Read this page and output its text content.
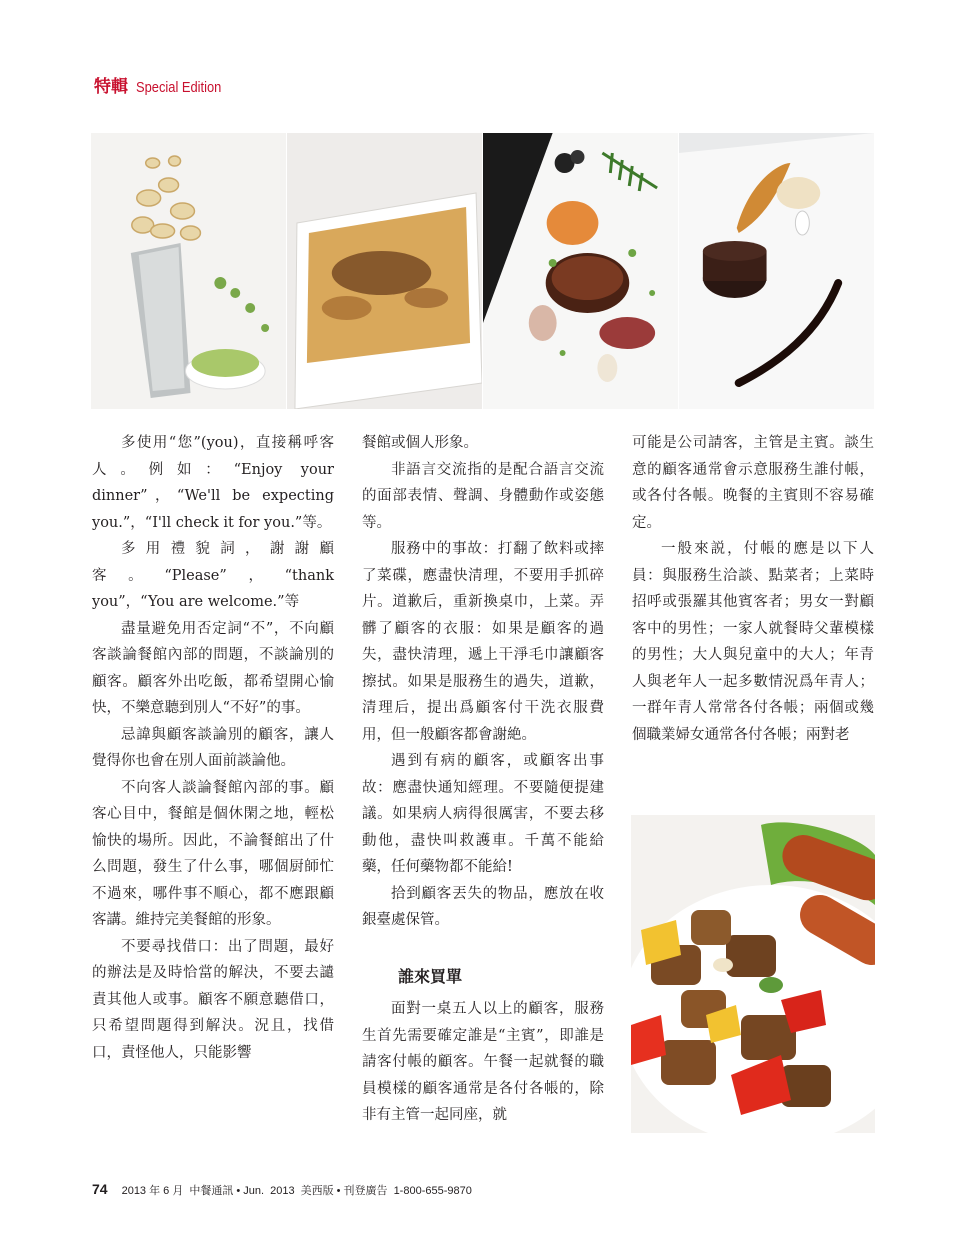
特輯 Special Edition

多使用“您”(you)，直接稱呼客人。例如：“Enjoy your dinner”，“We'll be expecting you.”，“I'll check it for you.”等。

多用禮貌詞，謝謝顧客。“Please”，“thank you”，“You are welcome.”等

盡量避免用否定詞“不”，不向顧客談論餐館內部的問題，不談論別的顧客。顧客外出吃飯，都希望開心愉快，不樂意聽到別人“不好”的事。

忌諱與顧客談論別的顧客，讓人覺得你也會在別人面前談論他。

不向客人談論餐館內部的事。顧客心目中，餐館是個休閑之地，輕松愉快的場所。因此，不論餐館出了什么問題，發生了什么事，哪個厨師忙不過來，哪件事不順心，都不應跟顧客講。維持完美餐館的形象。

不要尋找借口：出了問題，最好的辦法是及時恰當的解決，不要去譴責其他人或事。顧客不願意聽借口，只希望問題得到解決。況且，找借口，責怪他人，只能影響

餐館或個人形象。

非語言交流指的是配合語言交流的面部表情、聲調、身體動作或姿態等。

服務中的事故：打翻了飲料或摔了菜碟，應盡快清理，不要用手抓碎片。道歉后，重新換桌巾，上菜。弄髒了顧客的衣服：如果是顧客的過失，盡快清理，遞上干淨毛巾讓顧客擦拭。如果是服務生的過失，道歉，清理后，提出爲顧客付干洗衣服費用，但一般顧客都會謝絶。

遇到有病的顧客，或顧客出事故：應盡快通知經理。不要隨便提建議。如果病人病得很厲害，不要去移動他，盡快叫救護車。千萬不能給藥，任何藥物都不能給!

拾到顧客丟失的物品，應放在收銀臺處保管。

誰來買單

面對一桌五人以上的顧客，服務生首先需要確定誰是“主賓”，即誰是請客付帳的顧客。午餐一起就餐的職員模樣的顧客通常是各付各帳的，除非有主管一起同座，就

可能是公司請客，主管是主賓。談生意的顧客通常會示意服務生誰付帳，或各付各帳。晚餐的主賓則不容易確定。

一般來説，付帳的應是以下人員：與服務生洽談、點菜者；上菜時招呼或張羅其他賓客者；男女一對顧客中的男性；一家人就餐時父輩模樣的男性；大人與兒童中的大人；年青人與老年人一起多數情況爲年青人；一群年青人常常各付各帳；兩個或幾個職業婦女通常各付各帳；兩對老

74 2013 年 6 月 中餐通訊 • Jun. 2013 美西版 • 刊登廣告 1-800-655-9870
